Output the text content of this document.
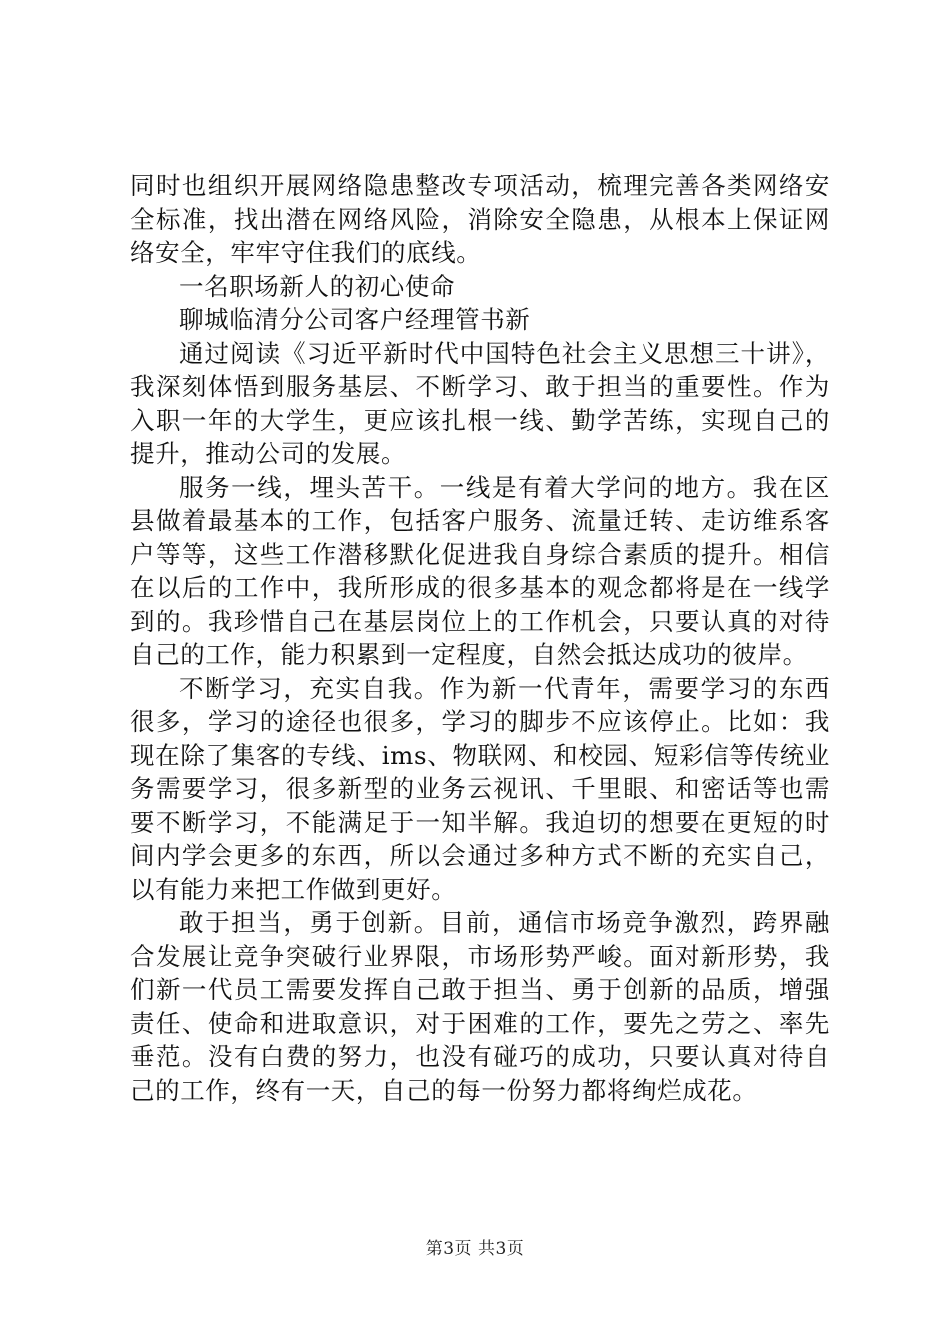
同时也组织开展网络隐患整改专项活动，梳理完善各类网络安全标准，找出潜在网络风险，消除安全隐患，从根本上保证网络安全，牢牢守住我们的底线。

一名职场新人的初心使命

聊城临清分公司客户经理管书新

通过阅读《习近平新时代中国特色社会主义思想三十讲》，我深刻体悟到服务基层、不断学习、敢于担当的重要性。作为入职一年的大学生，更应该扎根一线、勤学苦练，实现自己的提升，推动公司的发展。

服务一线，埋头苦干。一线是有着大学问的地方。我在区县做着最基本的工作，包括客户服务、流量迁转、走访维系客户等等，这些工作潜移默化促进我自身综合素质的提升。相信在以后的工作中，我所形成的很多基本的观念都将是在一线学到的。我珍惜自己在基层岗位上的工作机会，只要认真的对待自己的工作，能力积累到一定程度，自然会抵达成功的彼岸。

不断学习，充实自我。作为新一代青年，需要学习的东西很多，学习的途径也很多，学习的脚步不应该停止。比如：我现在除了集客的专线、ims、物联网、和校园、短彩信等传统业务需要学习，很多新型的业务云视讯、千里眼、和密话等也需要不断学习，不能满足于一知半解。我迫切的想要在更短的时间内学会更多的东西，所以会通过多种方式不断的充实自己，以有能力来把工作做到更好。

敢于担当，勇于创新。目前，通信市场竞争激烈，跨界融合发展让竞争突破行业界限，市场形势严峻。面对新形势，我们新一代员工需要发挥自己敢于担当、勇于创新的品质，增强责任、使命和进取意识，对于困难的工作，要先之劳之、率先垂范。没有白费的努力，也没有碰巧的成功，只要认真对待自己的工作，终有一天，自己的每一份努力都将绚烂成花。

第3页 共3页
